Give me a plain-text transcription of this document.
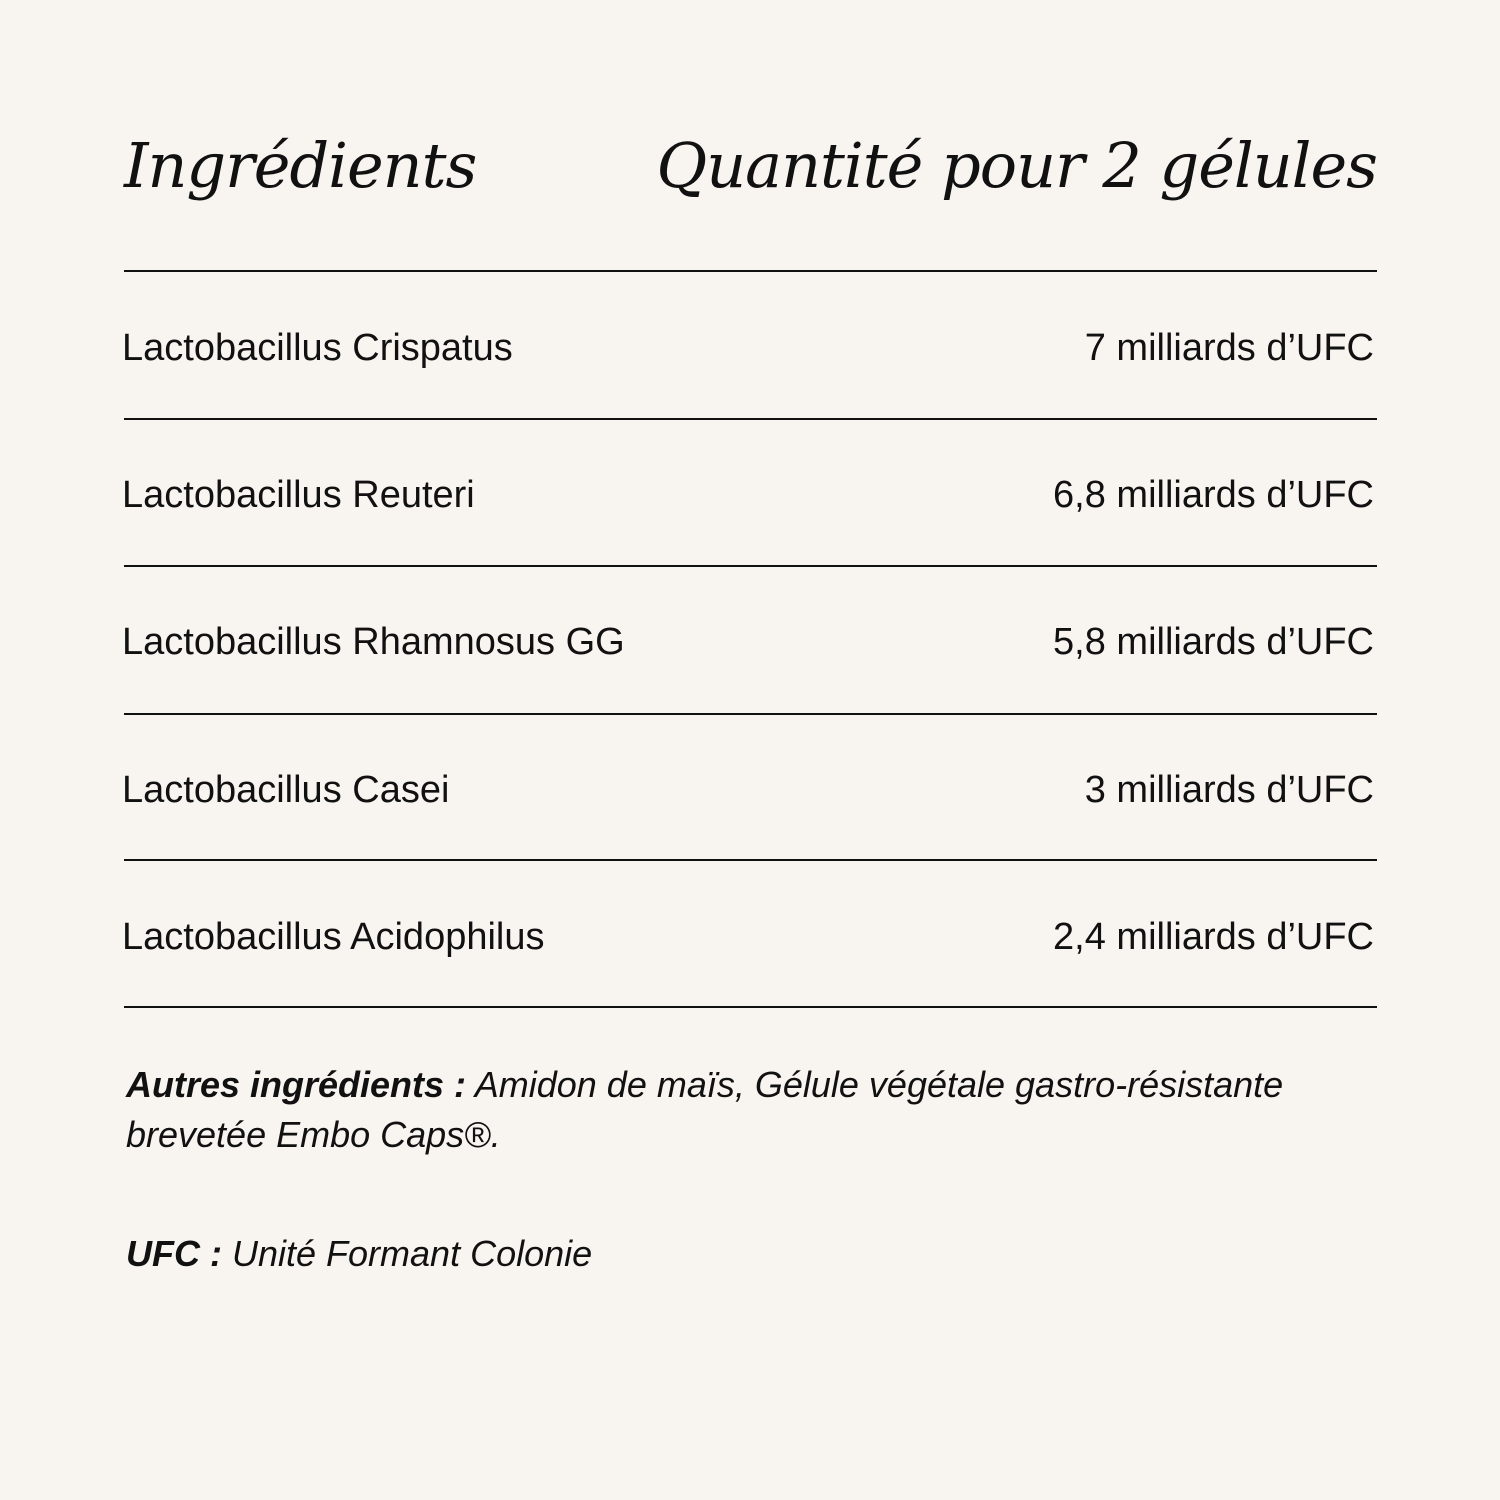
Ingrédients	Quantité pour 2 gélules
Lactobacillus Crispatus	7 milliards d’UFC
Lactobacillus Reuteri	6,8 milliards d’UFC
Lactobacillus Rhamnosus GG	5,8 milliards d’UFC
Lactobacillus Casei	3 milliards d’UFC
Lactobacillus Acidophilus	2,4 milliards d’UFC
Autres ingrédients : Amidon de maïs, Gélule végétale gastro-résistante brevetée Embo Caps®.
UFC : Unité Formant Colonie
